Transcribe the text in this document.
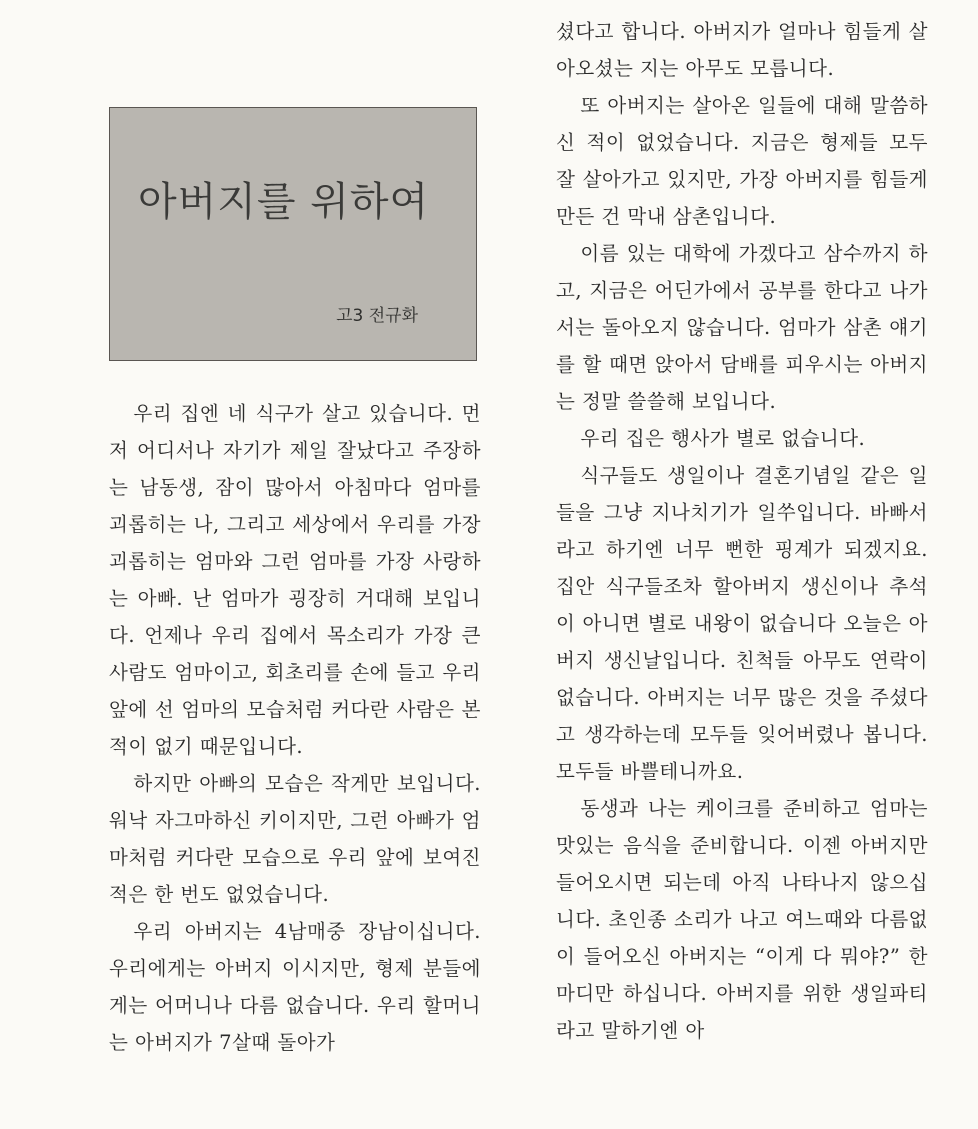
아버지를 위하여
고3 전규화

우리 집엔 네 식구가 살고 있습니다. 먼저 어디서나 자기가 제일 잘났다고 주장하는 남동생, 잠이 많아서 아침마다 엄마를 괴롭히는 나, 그리고 세상에서 우리를 가장 괴롭히는 엄마와 그런 엄마를 가장 사랑하는 아빠. 난 엄마가 굉장히 거대해 보입니다. 언제나 우리 집에서 목소리가 가장 큰 사람도 엄마이고, 회초리를 손에 들고 우리 앞에 선 엄마의 모습처럼 커다란 사람은 본 적이 없기 때문입니다.

하지만 아빠의 모습은 작게만 보입니다. 워낙 자그마하신 키이지만, 그런 아빠가 엄마처럼 커다란 모습으로 우리 앞에 보여진 적은 한 번도 없었습니다.

우리 아버지는 4남매중 장남이십니다. 우리에게는 아버지 이시지만, 형제 분들에게는 어머니나 다름 없습니다. 우리 할머니는 아버지가 7살때 돌아가

셨다고 합니다. 아버지가 얼마나 힘들게 살아오셨는 지는 아무도 모릅니다.

또 아버지는 살아온 일들에 대해 말씀하신 적이 없었습니다. 지금은 형제들 모두 잘 살아가고 있지만, 가장 아버지를 힘들게 만든 건 막내 삼촌입니다.

이름 있는 대학에 가겠다고 삼수까지 하고, 지금은 어딘가에서 공부를 한다고 나가서는 돌아오지 않습니다. 엄마가 삼촌 얘기를 할 때면 앉아서 담배를 피우시는 아버지는 정말 쓸쓸해 보입니다.

우리 집은 행사가 별로 없습니다.

식구들도 생일이나 결혼기념일 같은 일들을 그냥 지나치기가 일쑤입니다. 바빠서라고 하기엔 너무 뻔한 핑계가 되겠지요. 집안 식구들조차 할아버지 생신이나 추석이 아니면 별로 내왕이 없습니다 오늘은 아버지 생신날입니다. 친척들 아무도 연락이 없습니다. 아버지는 너무 많은 것을 주셨다고 생각하는데 모두들 잊어버렸나 봅니다. 모두들 바쁠테니까요.

동생과 나는 케이크를 준비하고 엄마는 맛있는 음식을 준비합니다. 이젠 아버지만 들어오시면 되는데 아직 나타나지 않으십니다. 초인종 소리가 나고 여느때와 다름없이 들어오신 아버지는 “이게 다 뭐야?” 한마디만 하십니다. 아버지를 위한 생일파티라고 말하기엔 아
